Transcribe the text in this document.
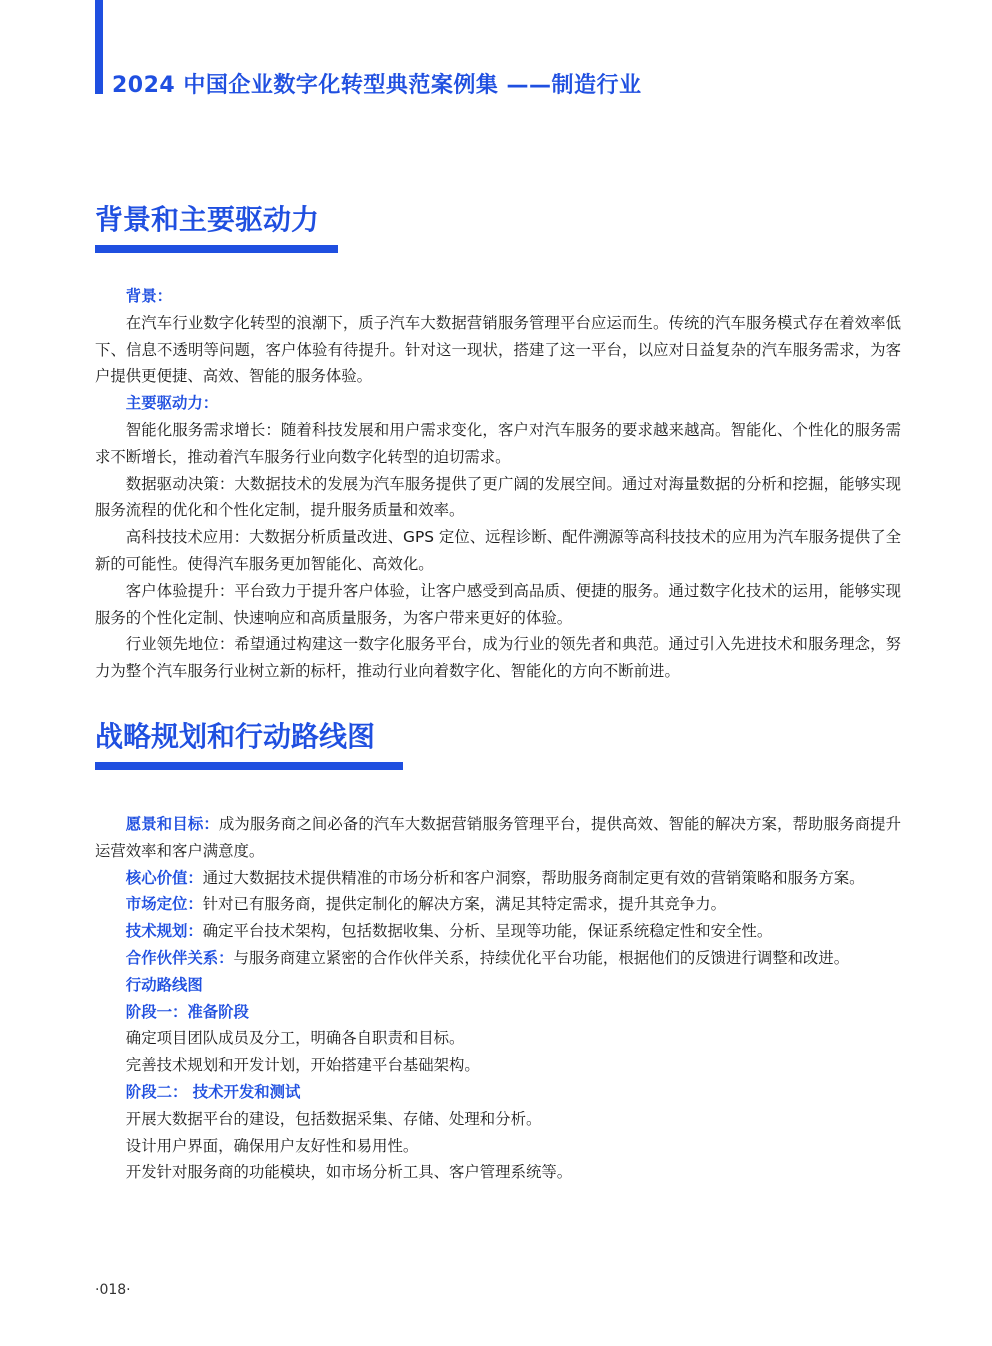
2024 中国企业数字化转型典范案例集 ——制造行业
背景和主要驱动力

背景：

在汽车行业数字化转型的浪潮下，质子汽车大数据营销服务管理平台应运而生。传统的汽车服务模式存在着效率低下、信息不透明等问题，客户体验有待提升。针对这一现状，搭建了这一平台，以应对日益复杂的汽车服务需求，为客户提供更便捷、高效、智能的服务体验。

主要驱动力：

智能化服务需求增长：随着科技发展和用户需求变化，客户对汽车服务的要求越来越高。智能化、个性化的服务需求不断增长，推动着汽车服务行业向数字化转型的迫切需求。

数据驱动决策：大数据技术的发展为汽车服务提供了更广阔的发展空间。通过对海量数据的分析和挖掘，能够实现服务流程的优化和个性化定制，提升服务质量和效率。

高科技技术应用：大数据分析质量改进、GPS 定位、远程诊断、配件溯源等高科技技术的应用为汽车服务提供了全新的可能性。使得汽车服务更加智能化、高效化。

客户体验提升：平台致力于提升客户体验，让客户感受到高品质、便捷的服务。通过数字化技术的运用，能够实现服务的个性化定制、快速响应和高质量服务，为客户带来更好的体验。

行业领先地位：希望通过构建这一数字化服务平台，成为行业的领先者和典范。通过引入先进技术和服务理念，努力为整个汽车服务行业树立新的标杆，推动行业向着数字化、智能化的方向不断前进。

战略规划和行动路线图

愿景和目标：成为服务商之间必备的汽车大数据营销服务管理平台，提供高效、智能的解决方案，帮助服务商提升运营效率和客户满意度。

核心价值：通过大数据技术提供精准的市场分析和客户洞察，帮助服务商制定更有效的营销策略和服务方案。

市场定位：针对已有服务商，提供定制化的解决方案，满足其特定需求，提升其竞争力。

技术规划：确定平台技术架构，包括数据收集、分析、呈现等功能，保证系统稳定性和安全性。

合作伙伴关系：与服务商建立紧密的合作伙伴关系，持续优化平台功能，根据他们的反馈进行调整和改进。

行动路线图

阶段一：准备阶段

确定项目团队成员及分工，明确各自职责和目标。

完善技术规划和开发计划，开始搭建平台基础架构。

阶段二： 技术开发和测试

开展大数据平台的建设，包括数据采集、存储、处理和分析。

设计用户界面，确保用户友好性和易用性。

开发针对服务商的功能模块，如市场分析工具、客户管理系统等。

·018·
